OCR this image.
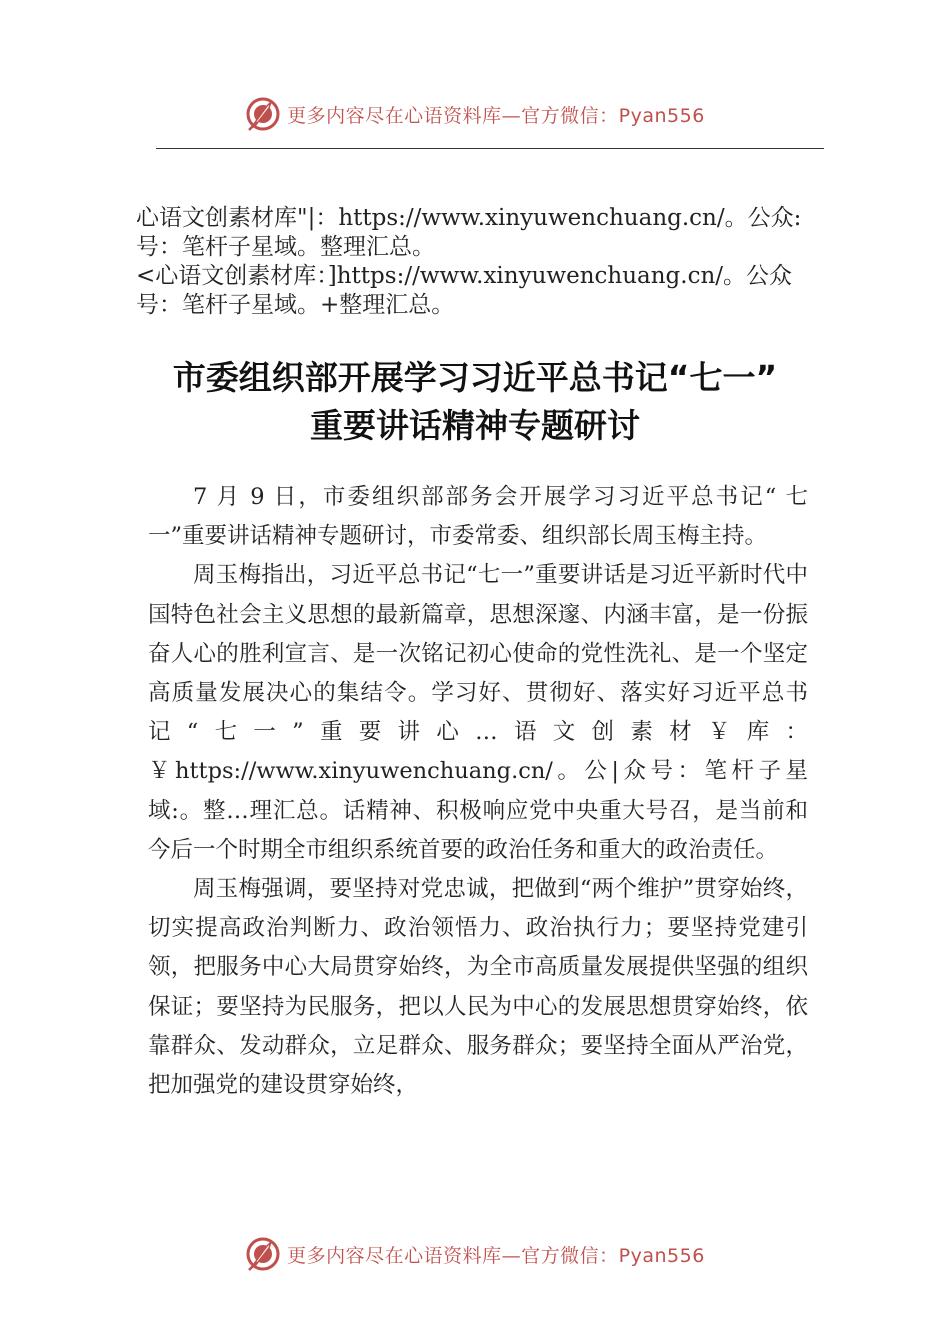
更多内容尽在心语资料库—官方微信：Pyan556

心语文创素材库"|：https://www.xinyuwenchuang.cn/。公众:

号：笔杆子星域。整理汇总。

<心语文创素材库：]https://www.xinyuwenchuang.cn/。公众

号：笔杆子星域。+整理汇总。

市委组织部开展学习习近平总书记“七一”
重要讲话精神专题研讨

7 月 9 日，市委组织部部务会开展学习习近平总书记“ 七一”重要讲话精神专题研讨，市委常委、组织部长周玉梅主持。

周玉梅指出，习近平总书记“七一”重要讲话是习近平新时代中国特色社会主义思想的最新篇章，思想深邃、内涵丰富，是一份振奋人心的胜利宣言、是一次铭记初心使命的党性洗礼、是一个坚定高质量发展决心的集结令。学习好、贯彻好、落实好习近平总书记“七一”重要讲心…语文创素材￥库：￥https://www.xinyuwenchuang.cn/。公|众号：笔杆子星域:。整…理汇总。话精神、积极响应党中央重大号召，是当前和今后一个时期全市组织系统首要的政治任务和重大的政治责任。

周玉梅强调，要坚持对党忠诚，把做到“两个维护”贯穿始终，切实提高政治判断力、政治领悟力、政治执行力；要坚持党建引领，把服务中心大局贯穿始终，为全市高质量发展提供坚强的组织保证；要坚持为民服务，把以人民为中心的发展思想贯穿始终，依靠群众、发动群众，立足群众、服务群众；要坚持全面从严治党，把加强党的建设贯穿始终，

更多内容尽在心语资料库—官方微信：Pyan556
